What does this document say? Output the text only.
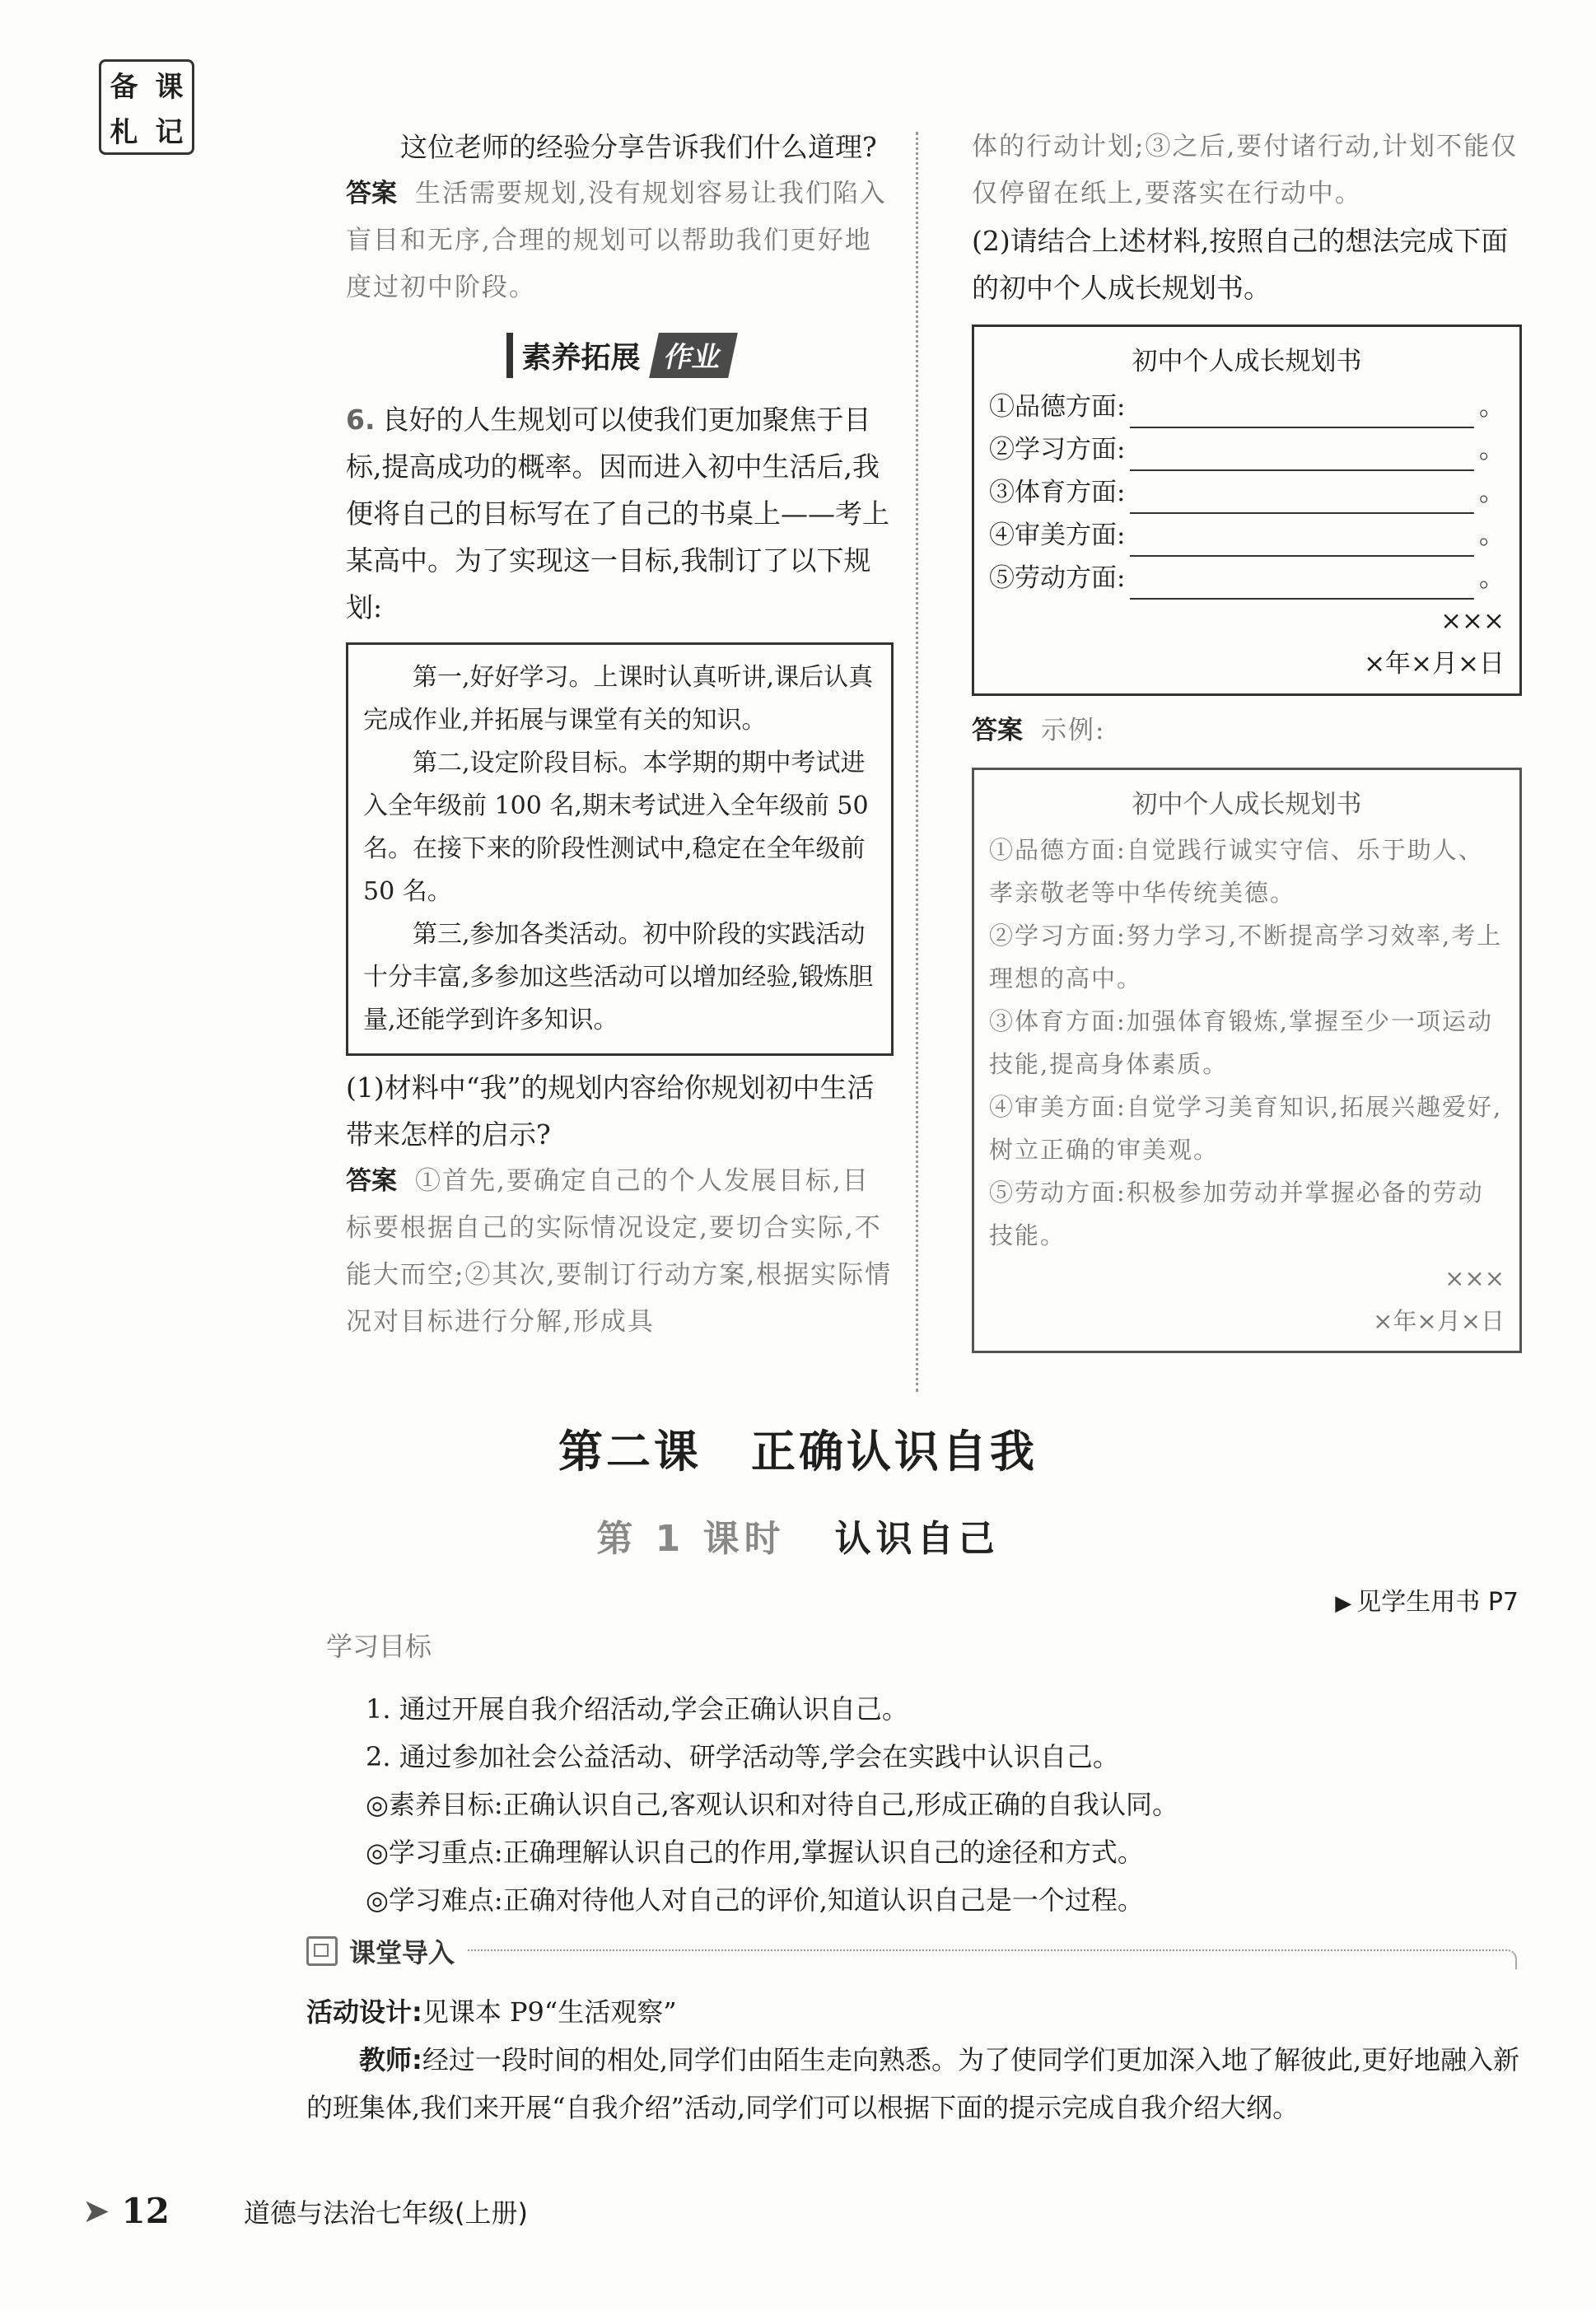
备 课
札 记	这位老师的经验分享告诉我们什么道理?

答案 生活需要规划,没有规划容易让我们陷入盲目和无序,合理的规划可以帮助我们更好地度过初中阶段。

素养拓展 作业

6. 良好的人生规划可以使我们更加聚焦于目标,提高成功的概率。因而进入初中生活后,我便将自己的目标写在了自己的书桌上——考上某高中。为了实现这一目标,我制订了以下规划:

第一,好好学习。上课时认真听讲,课后认真完成作业,并拓展与课堂有关的知识。

第二,设定阶段目标。本学期的期中考试进入全年级前 100 名,期末考试进入全年级前 50 名。在接下来的阶段性测试中,稳定在全年级前 50 名。

第三,参加各类活动。初中阶段的实践活动十分丰富,多参加这些活动可以增加经验,锻炼胆量,还能学到许多知识。

(1)材料中“我”的规划内容给你规划初中生活带来怎样的启示?

答案 ①首先,要确定自己的个人发展目标,目标要根据自己的实际情况设定,要切合实际,不能大而空;②其次,要制订行动方案,根据实际情况对目标进行分解,形成具

体的行动计划;③之后,要付诸行动,计划不能仅仅停留在纸上,要落实在行动中。

(2)请结合上述材料,按照自己的想法完成下面的初中个人成长规划书。

初中个人成长规划书
①品德方面:	。
②学习方面:	。
③体育方面:	。
④审美方面:	。
⑤劳动方面:	。
×××
×年×月×日

答案 示例:

初中个人成长规划书

①品德方面:自觉践行诚实守信、乐于助人、孝亲敬老等中华传统美德。

②学习方面:努力学习,不断提高学习效率,考上理想的高中。

③体育方面:加强体育锻炼,掌握至少一项运动技能,提高身体素质。

④审美方面:自觉学习美育知识,拓展兴趣爱好,树立正确的审美观。

⑤劳动方面:积极参加劳动并掌握必备的劳动技能。

×××
×年×月×日
第二课 正确认识自我
第 1 课时 认识自己
▶ 见学生用书 P7
学习目标

1. 通过开展自我介绍活动,学会正确认识自己。

2. 通过参加社会公益活动、研学活动等,学会在实践中认识自己。

◎素养目标:正确认识自己,客观认识和对待自己,形成正确的自我认同。

◎学习重点:正确理解认识自己的作用,掌握认识自己的途径和方式。

◎学习难点:正确对待他人对自己的评价,知道认识自己是一个过程。

课堂导入

活动设计:见课本 P9“生活观察”

教师:经过一段时间的相处,同学们由陌生走向熟悉。为了使同学们更加深入地了解彼此,更好地融入新的班集体,我们来开展“自我介绍”活动,同学们可以根据下面的提示完成自我介绍大纲。

➤ 12	道德与法治七年级(上册)
